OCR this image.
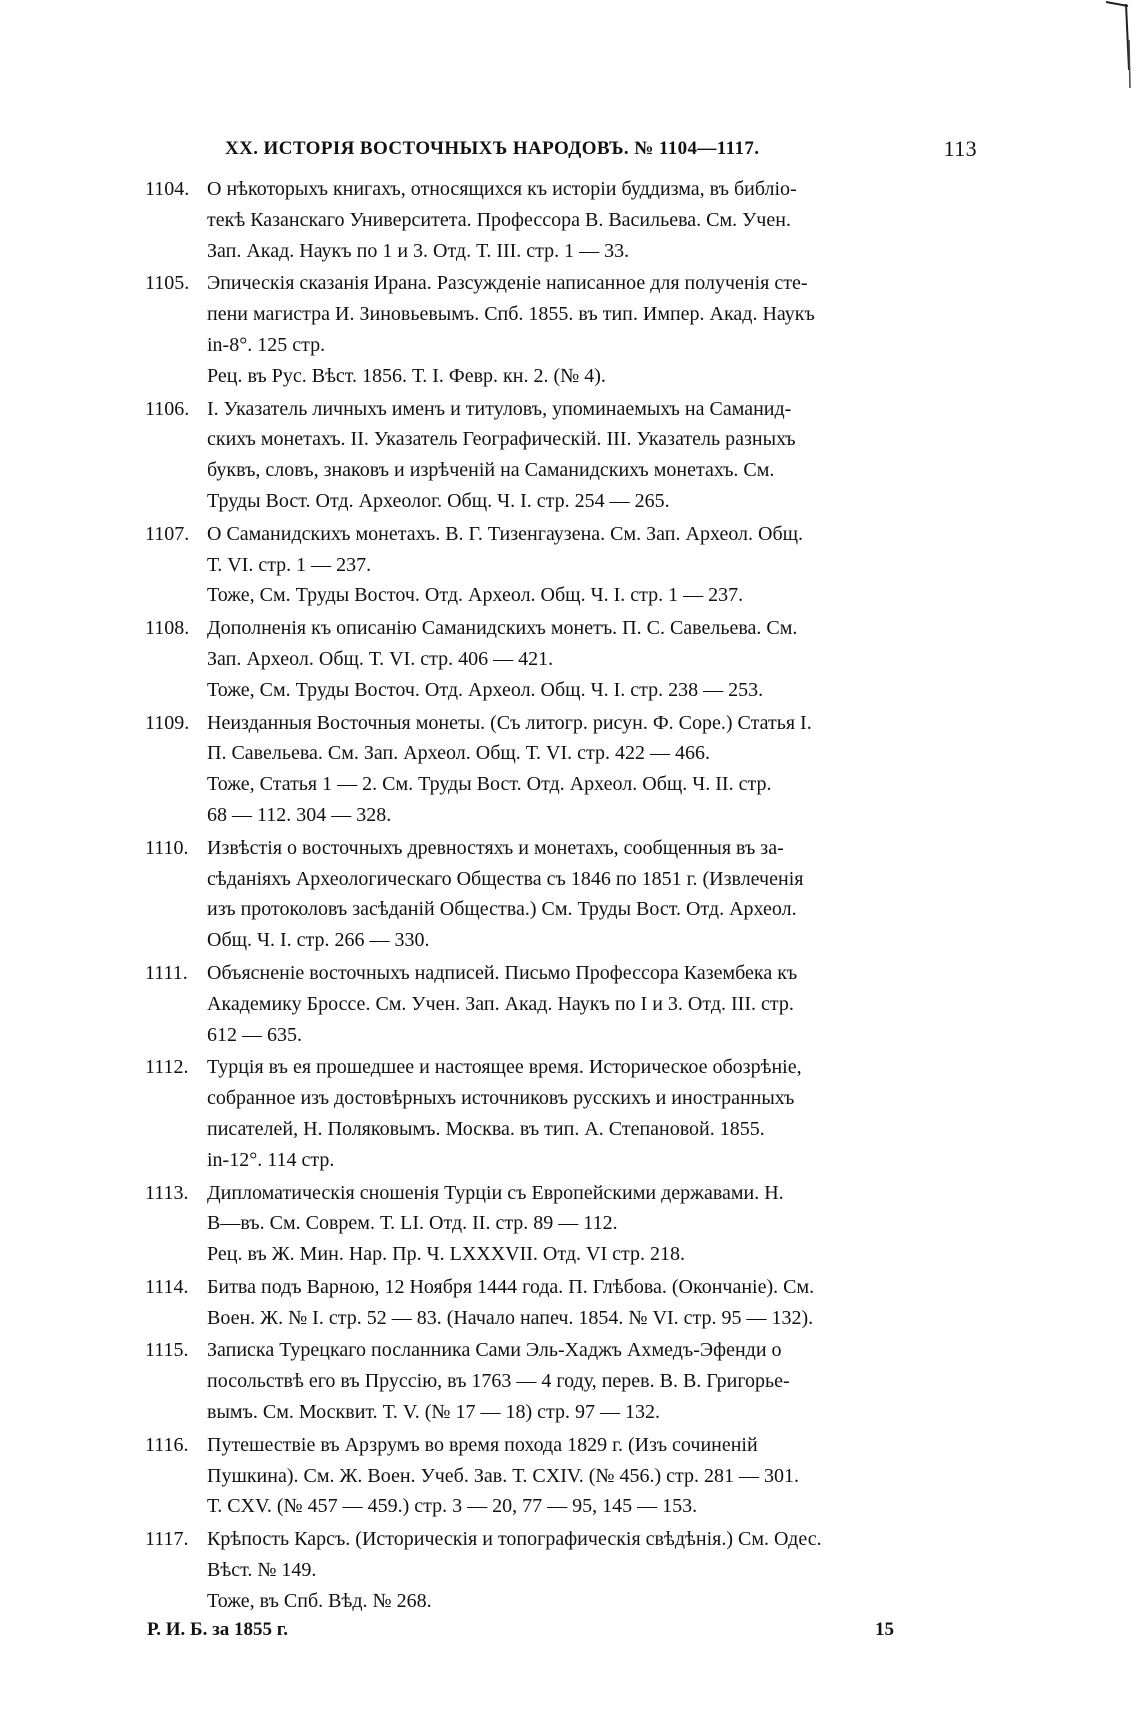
XX. ИСТОРІЯ ВОСТОЧНЫХЪ НАРОДОВЪ. № 1104—1117.	113
1104. О нѣкоторыхъ книгахъ, относящихся къ исторіи буддизма, въ библіо-
текѣ Казанскаго Университета. Профессора В. Васильева. См. Учен.
Зап. Акад. Наукъ по 1 и 3. Отд. Т. III. стр. 1 — 33.
1105. Эпическія сказанія Ирана. Разсужденіе написанное для полученія сте-
пени магистра И. Зиновьевымъ. Спб. 1855. въ тип. Импер. Акад. Наукъ
in-8°. 125 стр.
Рец. въ Рус. Вѣст. 1856. Т. I. Февр. кн. 2. (№ 4).
1106. I. Указатель личныхъ именъ и титуловъ, упоминаемыхъ на Саманид-
скихъ монетахъ. II. Указатель Географическій. III. Указатель разныхъ
буквъ, словъ, знаковъ и изрѣченій на Саманидскихъ монетахъ. См.
Труды Вост. Отд. Археолог. Общ. Ч. I. стр. 254 — 265.
1107. О Саманидскихъ монетахъ. В. Г. Тизенгаузена. См. Зап. Археол. Общ.
Т. VI. стр. 1 — 237.
Тоже, См. Труды Восточ. Отд. Археол. Общ. Ч. I. стр. 1 — 237.
1108. Дополненія къ описанію Саманидскихъ монетъ. П. С. Савельева. См.
Зап. Археол. Общ. Т. VI. стр. 406 — 421.
Тоже, См. Труды Восточ. Отд. Археол. Общ. Ч. I. стр. 238 — 253.
1109. Неизданныя Восточныя монеты. (Съ литогр. рисун. Ф. Соре.) Статья I.
П. Савельева. См. Зап. Археол. Общ. Т. VI. стр. 422 — 466.
Тоже, Статья 1 — 2. См. Труды Вост. Отд. Археол. Общ. Ч. II. стр.
68 — 112. 304 — 328.
1110. Извѣстія о восточныхъ древностяхъ и монетахъ, сообщенныя въ за-
сѣданіяхъ Археологическаго Общества съ 1846 по 1851 г. (Извлеченія
изъ протоколовъ засѣданій Общества.) См. Труды Вост. Отд. Археол.
Общ. Ч. I. стр. 266 — 330.
1111. Объясненіе восточныхъ надписей. Письмо Профессора Казембека къ
Академику Броссе. См. Учен. Зап. Акад. Наукъ по I и 3. Отд. III. стр.
612 — 635.
1112. Турція въ ея прошедшее и настоящее время. Историческое обозрѣніе,
собранное изъ достовѣрныхъ источниковъ русскихъ и иностранныхъ
писателей, Н. Поляковымъ. Москва. въ тип. А. Степановой. 1855.
in-12°. 114 стр.
1113. Дипломатическія сношенія Турціи съ Европейскими державами. Н.
В—въ. См. Соврем. Т. LI. Отд. II. стр. 89 — 112.
Рец. въ Ж. Мин. Нар. Пр. Ч. LXXXVII. Отд. VI стр. 218.
1114. Битва подъ Варною, 12 Ноября 1444 года. П. Глѣбова. (Окончаніе). См.
Воен. Ж. № I. стр. 52 — 83. (Начало напеч. 1854. № VI. стр. 95 — 132).
1115. Записка Турецкаго посланника Сами Эль-Хаджъ Ахмедъ-Эфенди о
посольствѣ его въ Пруссію, въ 1763 — 4 году, перев. В. В. Григорье-
вымъ. См. Москвит. Т. V. (№ 17 — 18) стр. 97 — 132.
1116. Путешествіе въ Арзрумъ во время похода 1829 г. (Изъ сочиненій
Пушкина). См. Ж. Воен. Учеб. Зав. Т. CXIV. (№ 456.) стр. 281 — 301.
Т. CXV. (№ 457 — 459.) стр. 3 — 20, 77 — 95, 145 — 153.
1117. Крѣпость Карсъ. (Историческія и топографическія свѣдѣнія.) См. Одес.
Вѣст. № 149.
Тоже, въ Спб. Вѣд. № 268.
Р. И. Б. за 1855 г.	15
